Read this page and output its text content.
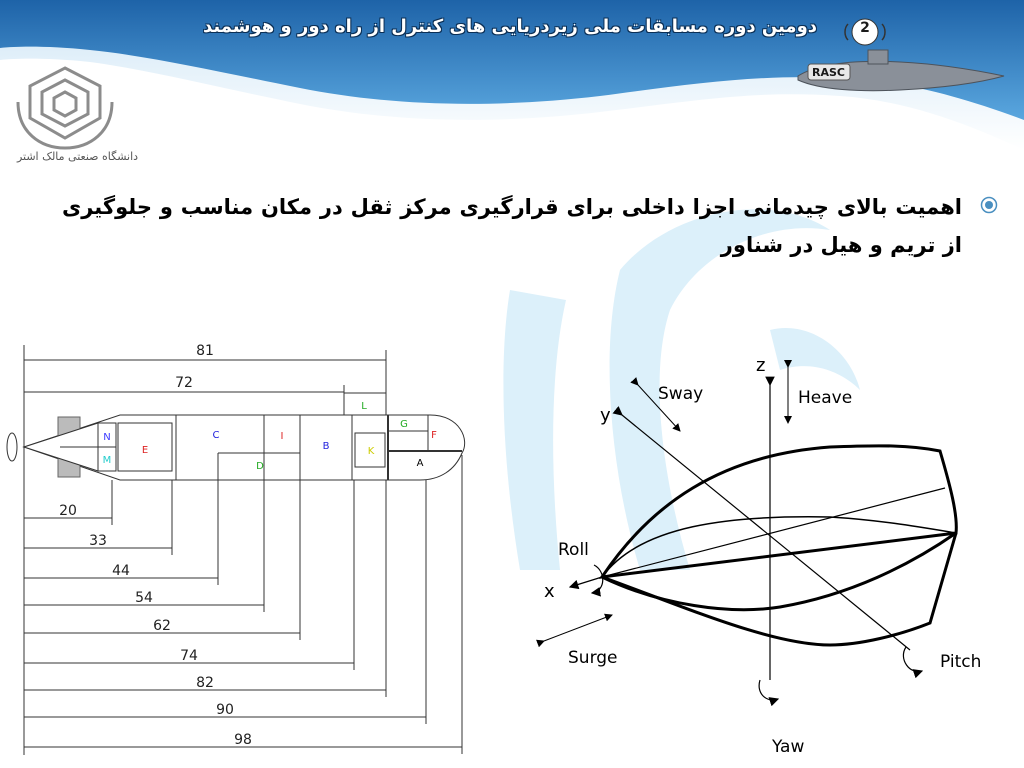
دومین دوره مسابقات ملی زیردریایی های کنترل از راه دور و هوشمند	2
RASC
دانشگاه صنعتی مالک اشتر
اهمیت بالای چیدمانی اجزا داخلی برای قرارگیری مرکز ثقل در مکان مناسب و جلوگیری از تریم و هیل در شناور
81
72
20
33
44
54
62
74
82
90
98
N
M
E
C	I
D
B
L
K
G
F
A
z
y
x
Heave
Sway
Roll
Surge	Pitch
Yaw
